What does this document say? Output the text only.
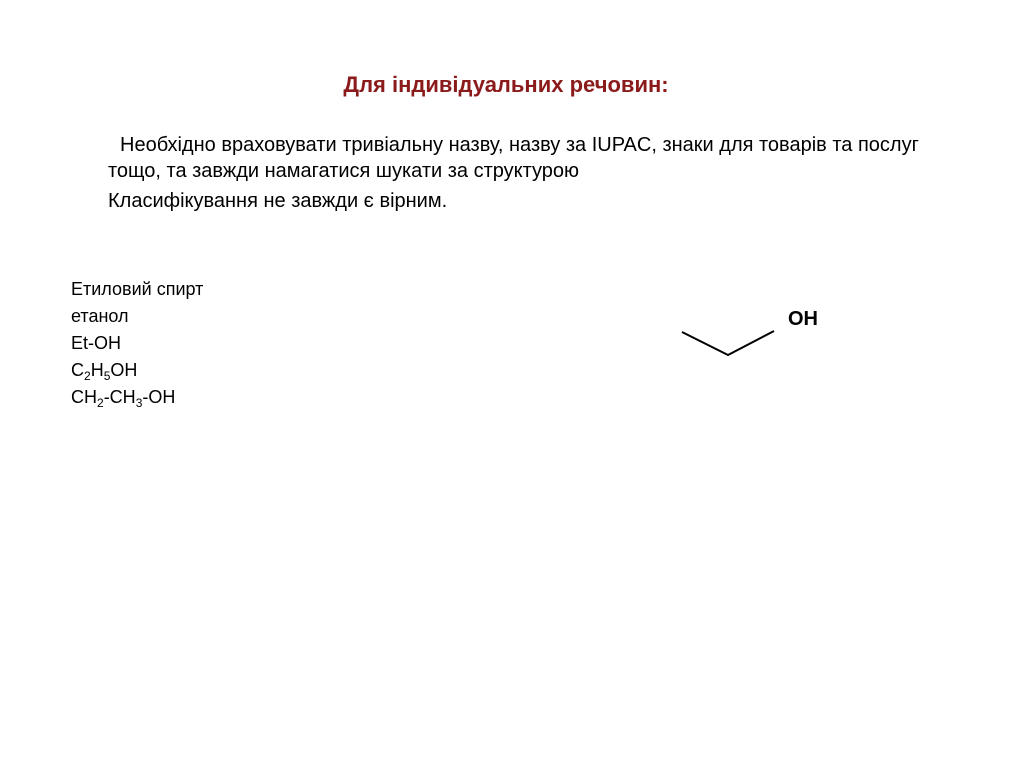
Для індивідуальних речовин:
Необхідно враховувати тривіальну назву, назву за IUPAC, знаки для товарів та послуг тощо, та завжди намагатися шукати за структурою
Класифікування не завжди є вірним.
Етиловий спирт
етанол
Et-OH
$C_2H_5OH$
$CH_2-CH_3-OH$
OH
